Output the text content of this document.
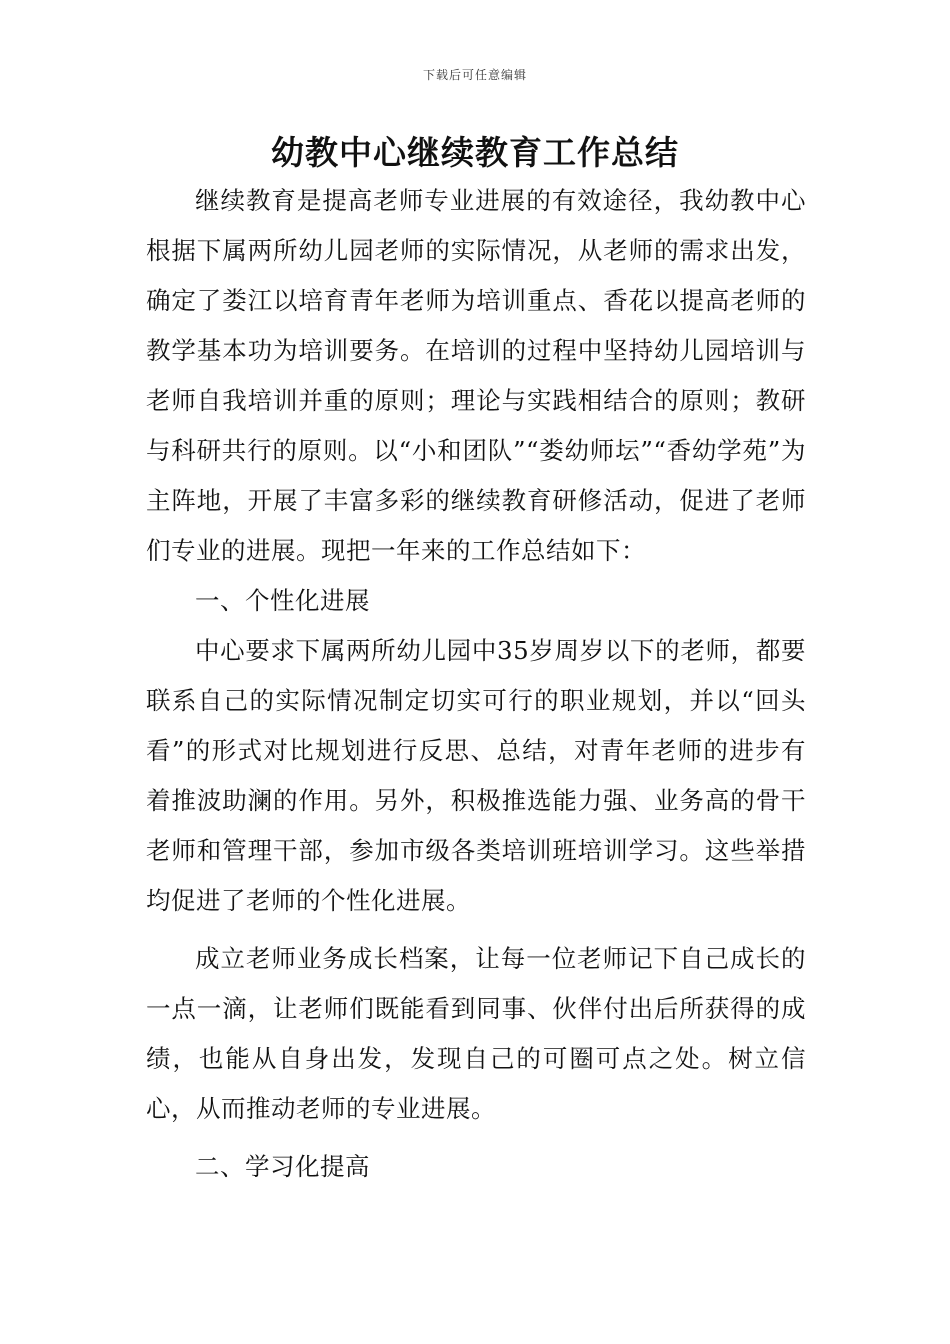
下载后可任意编辑
幼教中心继续教育工作总结

继续教育是提高老师专业进展的有效途径，我幼教中心根据下属两所幼儿园老师的实际情况，从老师的需求出发，确定了娄江以培育青年老师为培训重点、香花以提高老师的教学基本功为培训要务。在培训的过程中坚持幼儿园培训与老师自我培训并重的原则；理论与实践相结合的原则；教研与科研共行的原则。以“小和团队”“娄幼师坛”“香幼学苑”为主阵地，开展了丰富多彩的继续教育研修活动，促进了老师们专业的进展。现把一年来的工作总结如下：

一、个性化进展

中心要求下属两所幼儿园中35岁周岁以下的老师，都要联系自己的实际情况制定切实可行的职业规划，并以“回头看”的形式对比规划进行反思、总结，对青年老师的进步有着推波助澜的作用。另外，积极推选能力强、业务高的骨干老师和管理干部，参加市级各类培训班培训学习。这些举措均促进了老师的个性化进展。

成立老师业务成长档案，让每一位老师记下自己成长的一点一滴，让老师们既能看到同事、伙伴付出后所获得的成绩，也能从自身出发，发现自己的可圈可点之处。树立信心，从而推动老师的专业进展。

二、学习化提高
